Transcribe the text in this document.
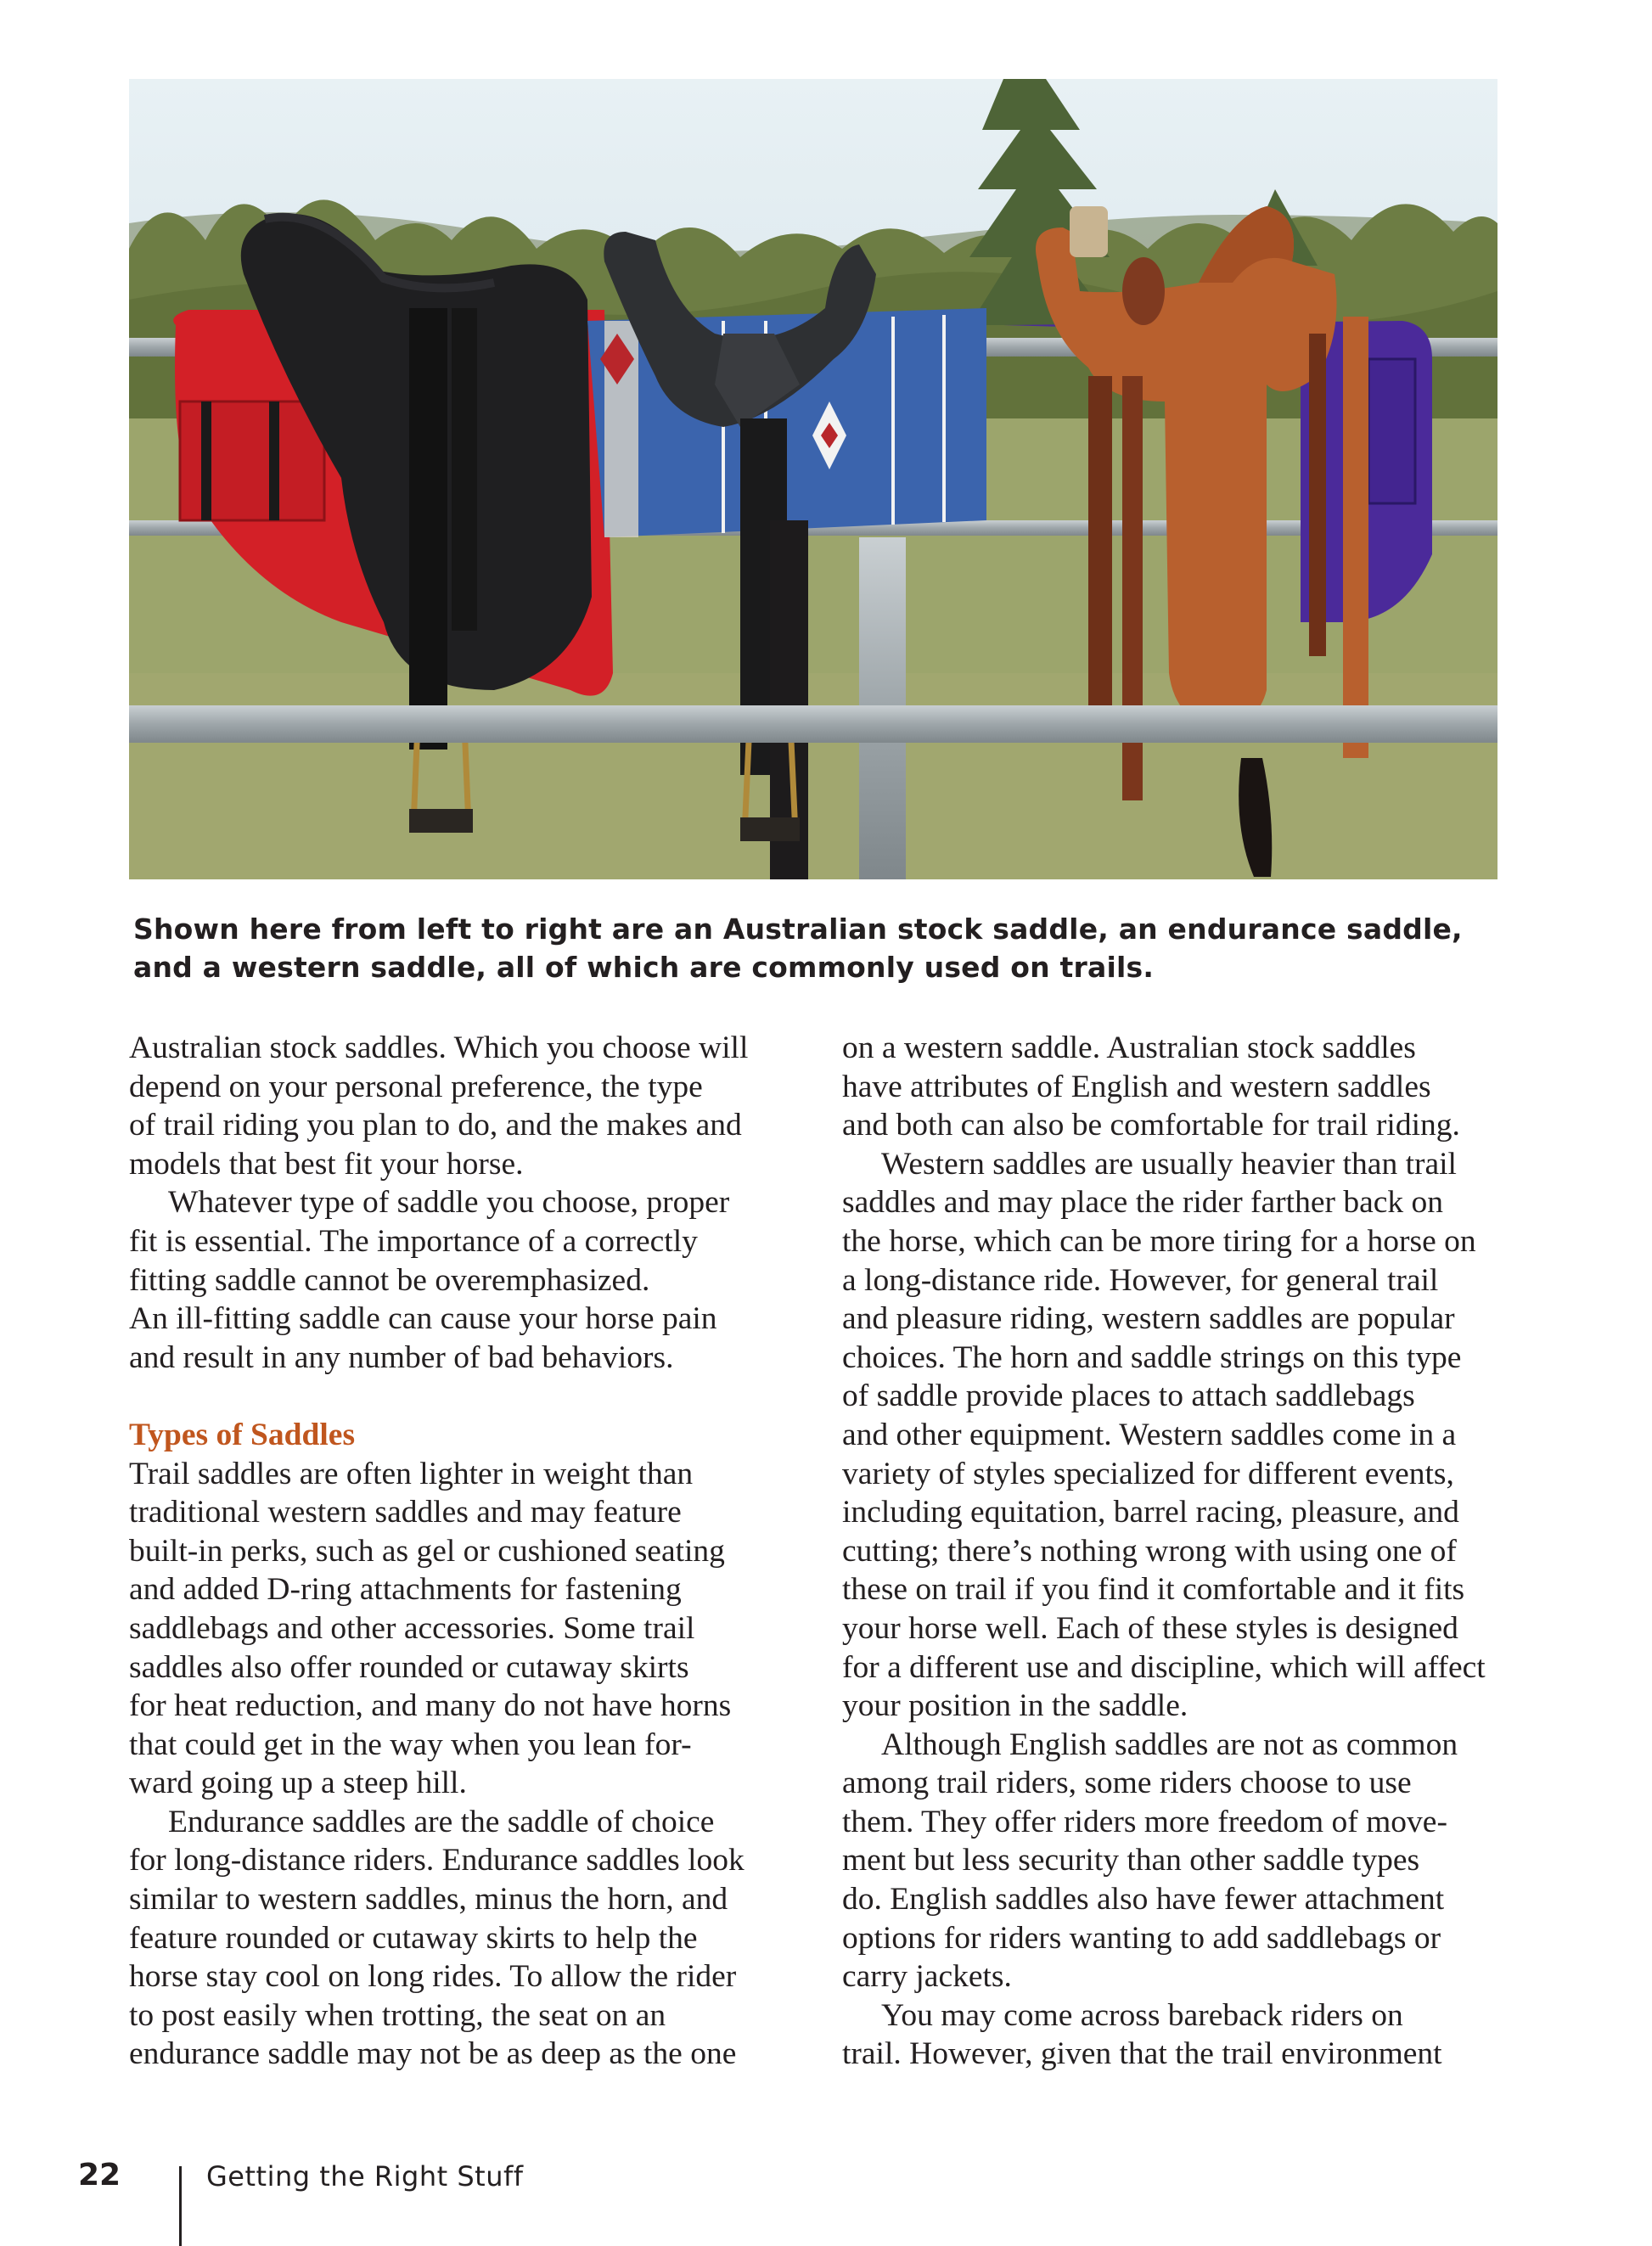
Shown here from left to right are an Australian stock saddle, an endurance saddle,
and a western saddle, all of which are commonly used on trails.

Australian stock saddles. Which you choose will
depend on your personal preference, the type
of trail riding you plan to do, and the makes and
models that best fit your horse.

Whatever type of saddle you choose, proper
fit is essential. The importance of a correctly
fitting saddle cannot be overemphasized.
An ill-fitting saddle can cause your horse pain
and result in any number of bad behaviors.

Types of Saddles

Trail saddles are often lighter in weight than
traditional western saddles and may feature
built-in perks, such as gel or cushioned seating
and added D-ring attachments for fastening
saddlebags and other accessories. Some trail
saddles also offer rounded or cutaway skirts
for heat reduction, and many do not have horns
that could get in the way when you lean for-
ward going up a steep hill.

Endurance saddles are the saddle of choice
for long-distance riders. Endurance saddles look
similar to western saddles, minus the horn, and
feature rounded or cutaway skirts to help the
horse stay cool on long rides. To allow the rider
to post easily when trotting, the seat on an
endurance saddle may not be as deep as the one

on a western saddle. Australian stock saddles
have attributes of English and western saddles
and both can also be comfortable for trail riding.

Western saddles are usually heavier than trail
saddles and may place the rider farther back on
the horse, which can be more tiring for a horse on
a long-distance ride. However, for general trail
and pleasure riding, western saddles are popular
choices. The horn and saddle strings on this type
of saddle provide places to attach saddlebags
and other equipment. Western saddles come in a
variety of styles specialized for different events,
including equitation, barrel racing, pleasure, and
cutting; there’s nothing wrong with using one of
these on trail if you find it comfortable and it fits
your horse well. Each of these styles is designed
for a different use and discipline, which will affect
your position in the saddle.

Although English saddles are not as common
among trail riders, some riders choose to use
them. They offer riders more freedom of move-
ment but less security than other saddle types
do. English saddles also have fewer attachment
options for riders wanting to add saddlebags or
carry jackets.

You may come across bareback riders on
trail. However, given that the trail environment

22	Getting the Right Stuff
